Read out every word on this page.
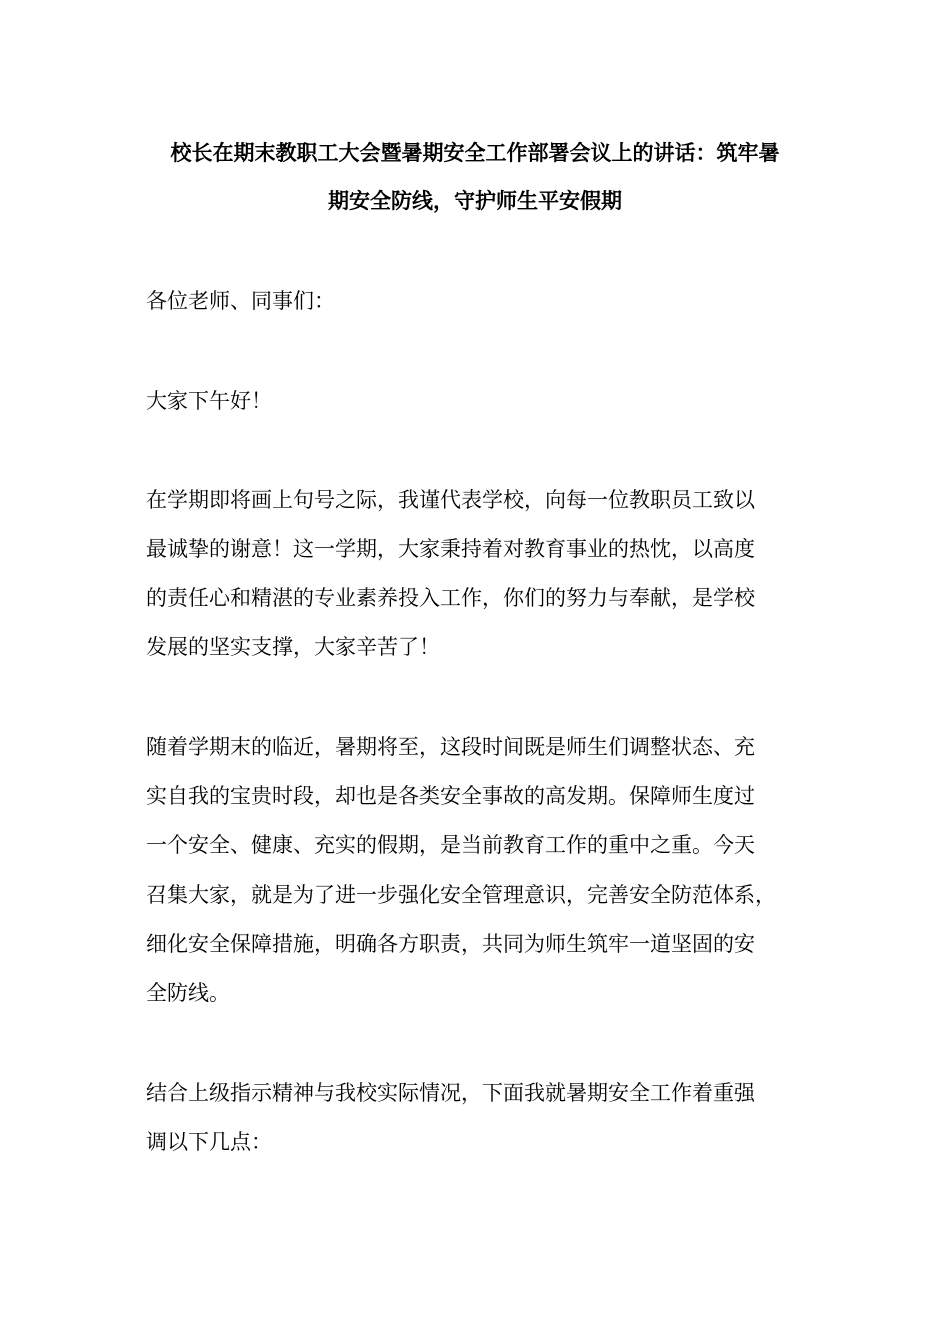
校长在期末教职工大会暨暑期安全工作部署会议上的讲话：筑牢暑
期安全防线，守护师生平安假期
各位老师、同事们：
大家下午好！
在学期即将画上句号之际，我谨代表学校，向每一位教职员工致以
最诚挚的谢意！这一学期，大家秉持着对教育事业的热忱，以高度
的责任心和精湛的专业素养投入工作，你们的努力与奉献，是学校
发展的坚实支撑，大家辛苦了！
随着学期末的临近，暑期将至，这段时间既是师生们调整状态、充
实自我的宝贵时段，却也是各类安全事故的高发期。保障师生度过
一个安全、健康、充实的假期，是当前教育工作的重中之重。今天
召集大家，就是为了进一步强化安全管理意识，完善安全防范体系，
细化安全保障措施，明确各方职责，共同为师生筑牢一道坚固的安
全防线。
结合上级指示精神与我校实际情况，下面我就暑期安全工作着重强
调以下几点：
